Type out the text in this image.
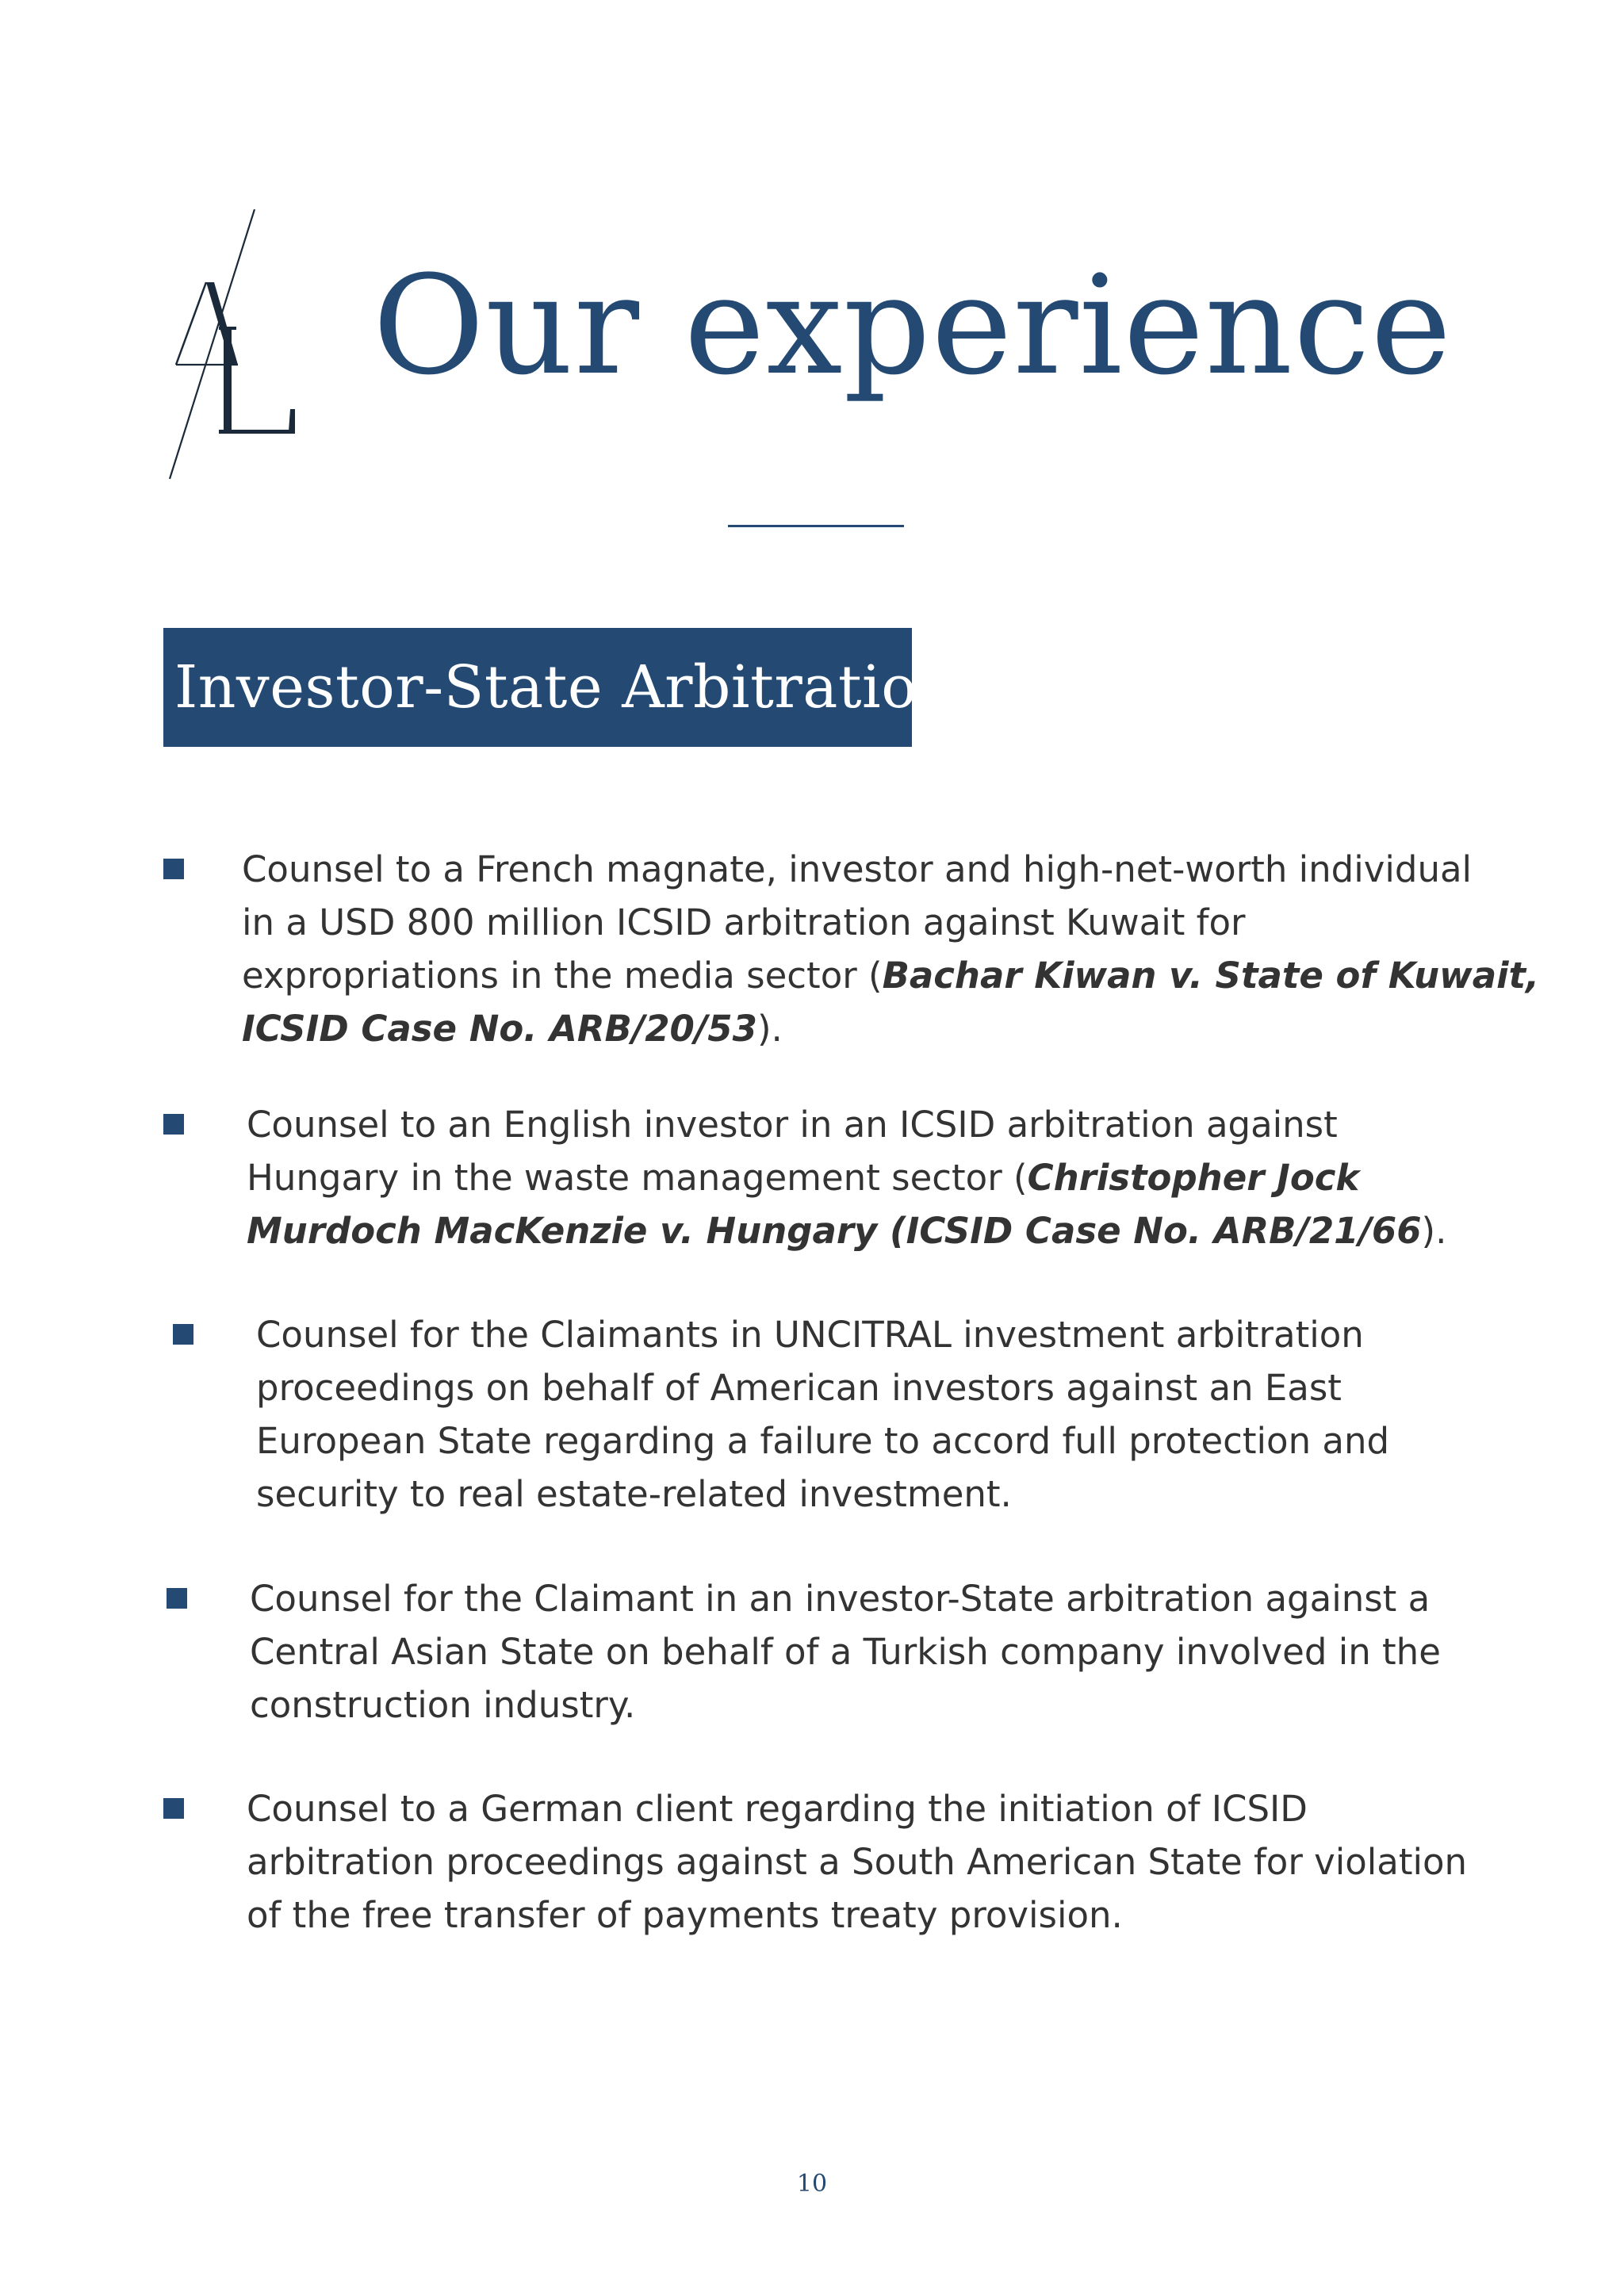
Our experience
Investor-State Arbitration

Counsel to a French magnate, investor and high-net-worth individual
in a USD 800 million ICSID arbitration against Kuwait for
expropriations in the media sector (Bachar Kiwan v. State of Kuwait,
ICSID Case No. ARB/20/53).

Counsel to an English investor in an ICSID arbitration against
Hungary in the waste management sector (Christopher Jock
Murdoch MacKenzie v. Hungary (ICSID Case No. ARB/21/66).

Counsel for the Claimants in UNCITRAL investment arbitration
proceedings on behalf of American investors against an East
European State regarding a failure to accord full protection and
security to real estate-related investment.

Counsel for the Claimant in an investor-State arbitration against a
Central Asian State on behalf of a Turkish company involved in the
construction industry.

Counsel to a German client regarding the initiation of ICSID
arbitration proceedings against a South American State for violation
of the free transfer of payments treaty provision.

10
